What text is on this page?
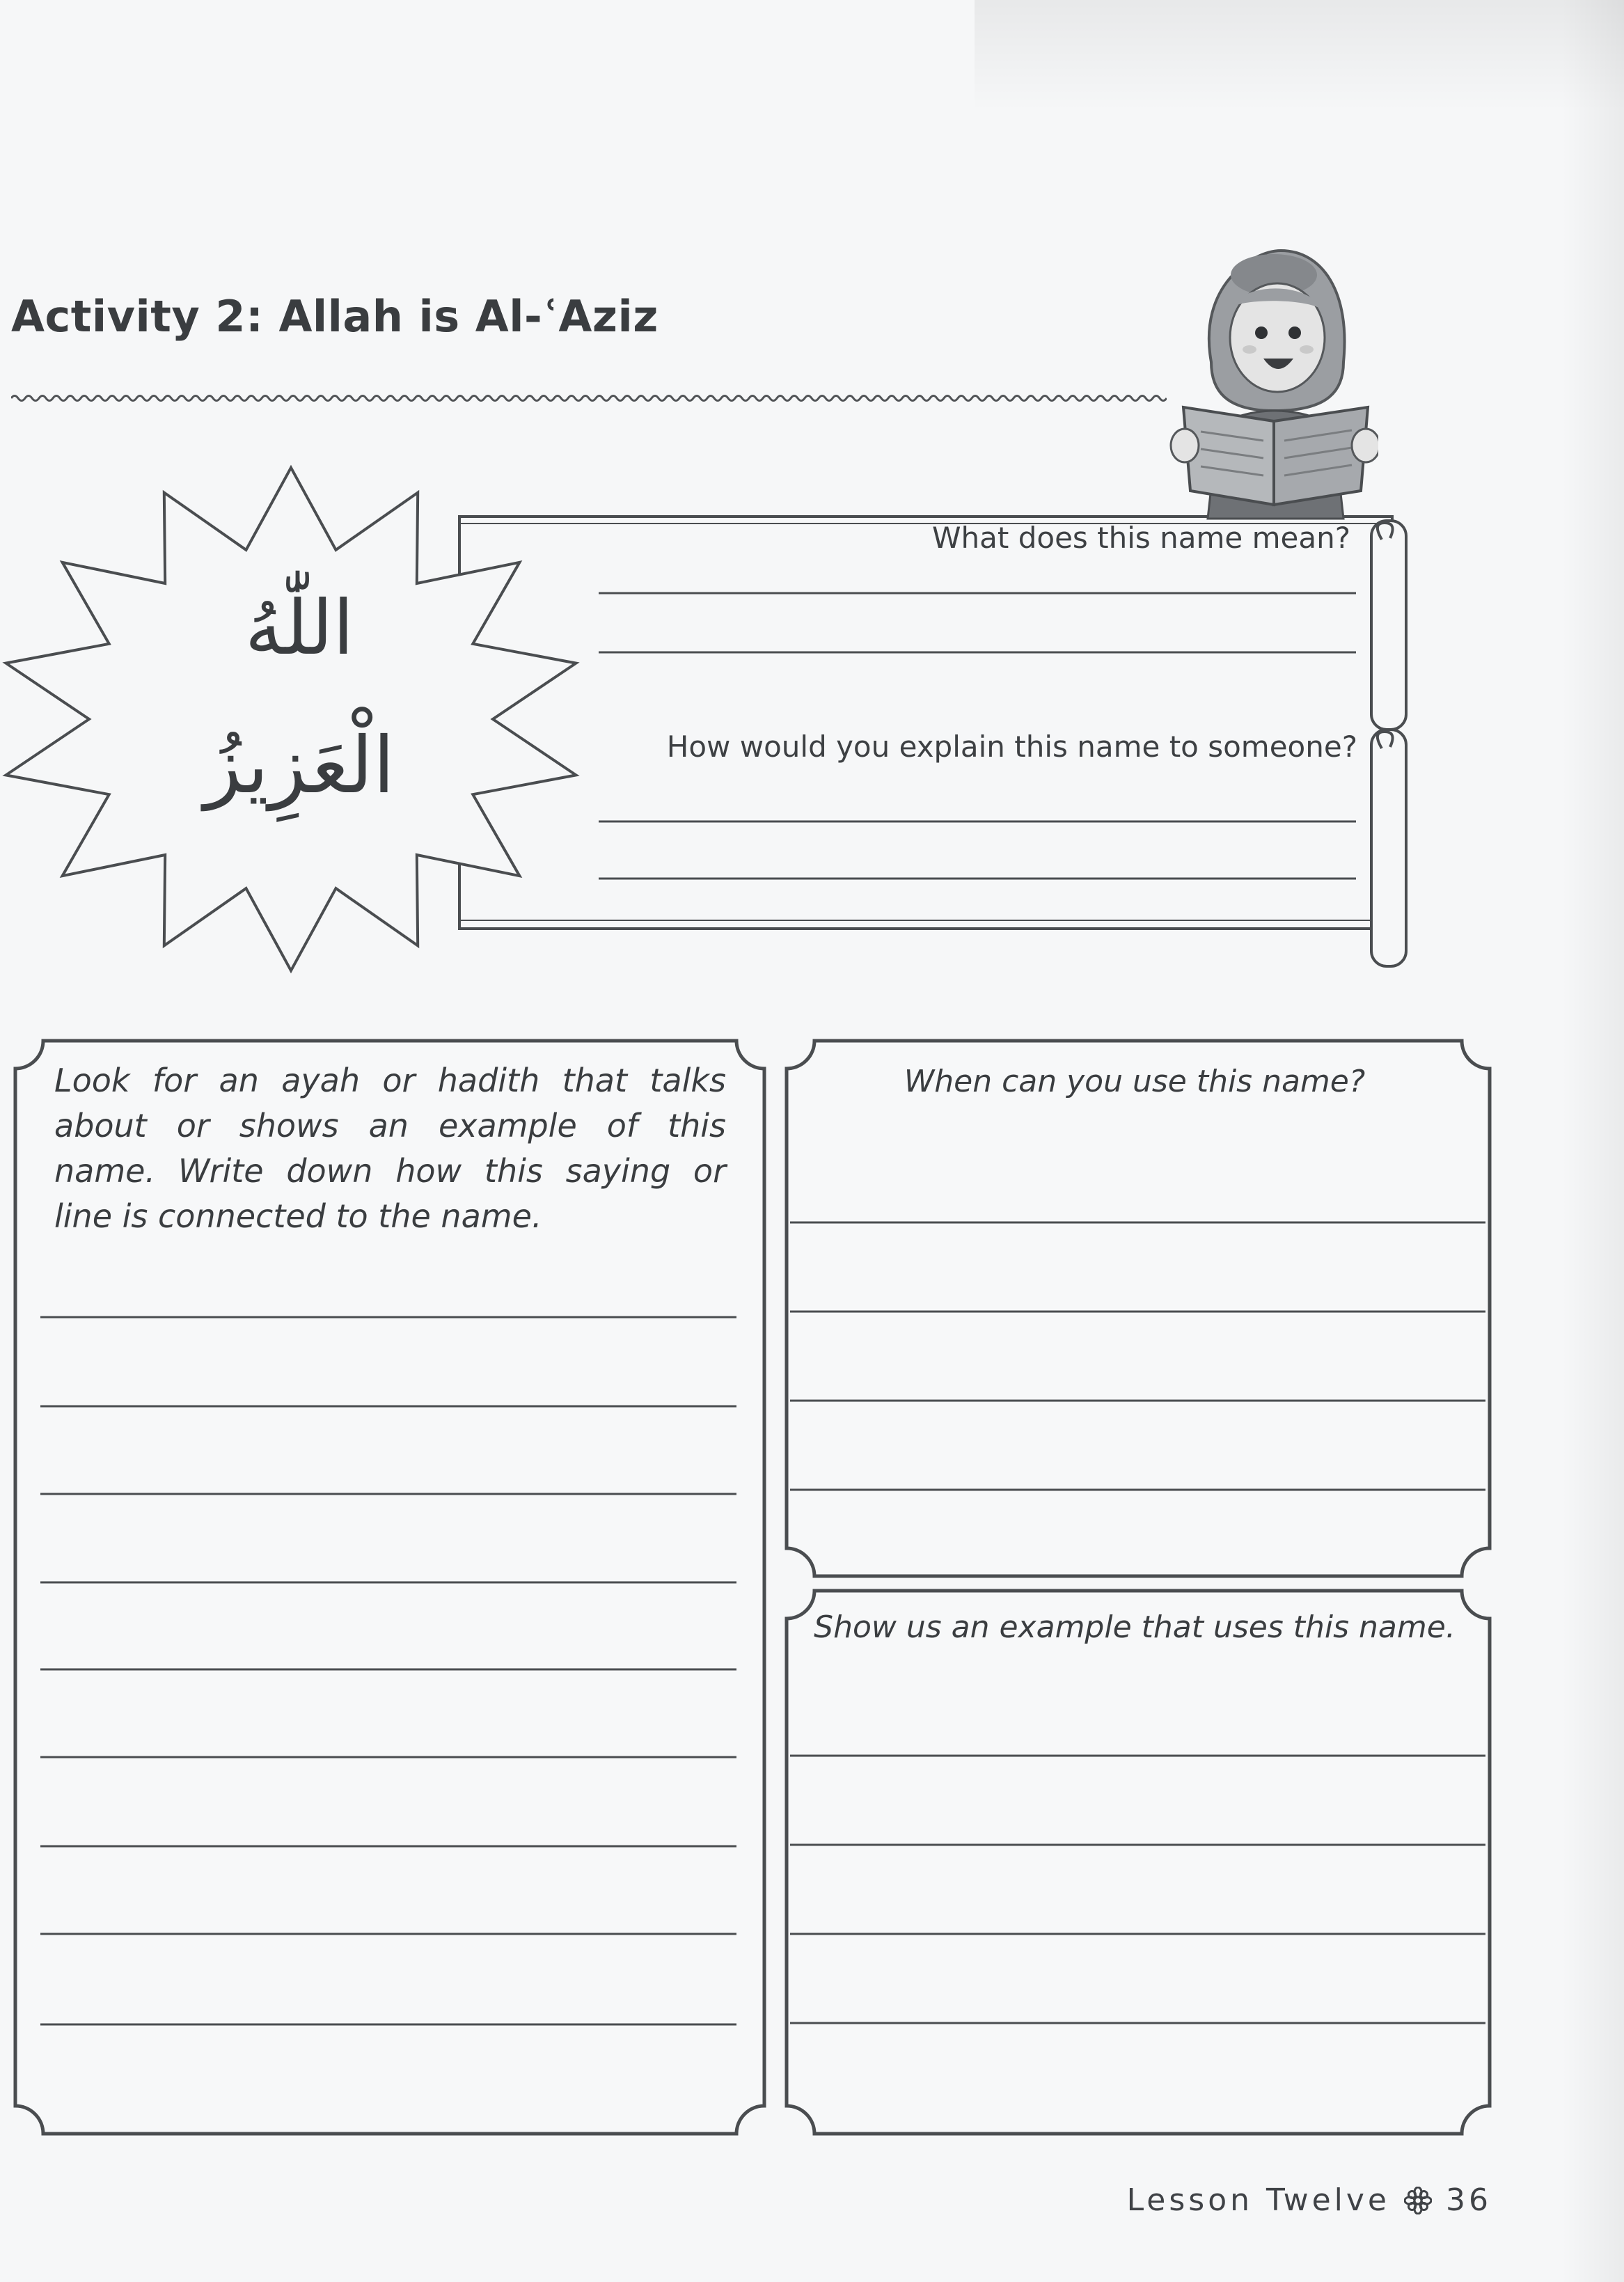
Activity 2: Allah is Al-ʿAziz
What does this name mean?
How would you explain this name to someone?
اللّٰهُ
الْعَزِيزُ

Look for an ayah or hadith that talks

about or shows an example of this

name. Write down how this saying or

line is connected to the name.

When can you use this name?

Show us an example that uses this name.

Lesson Twelve 36
